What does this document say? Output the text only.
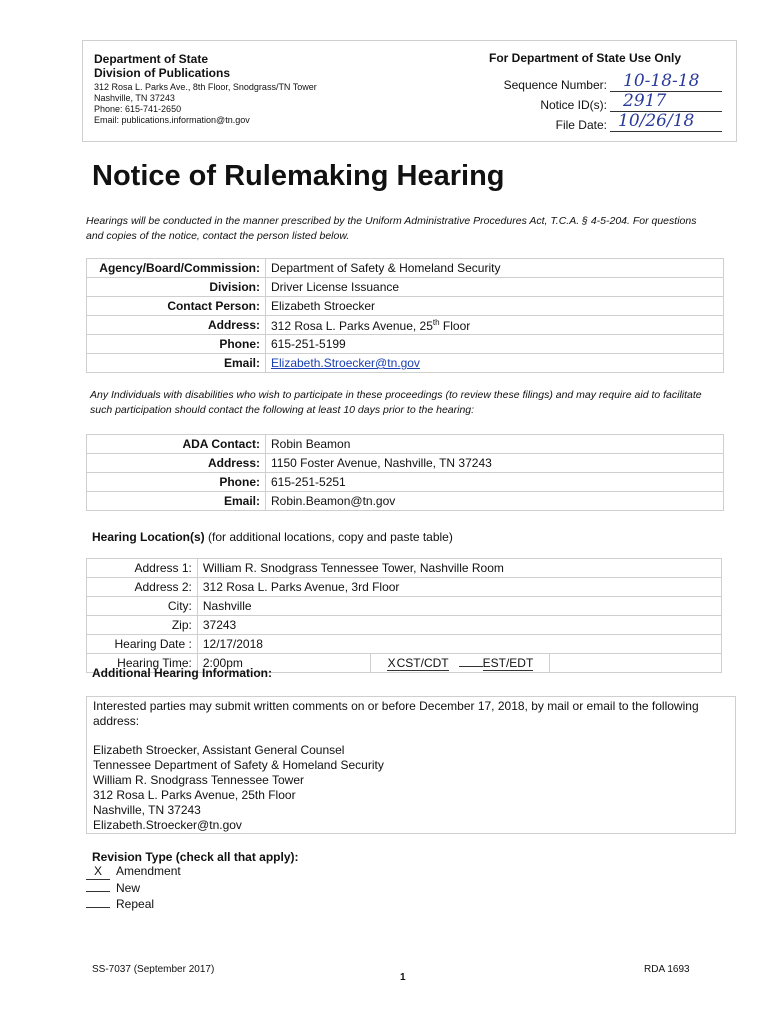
Department of State
Division of Publications
312 Rosa L. Parks Ave., 8th Floor, Snodgrass/TN Tower
Nashville, TN 37243
Phone: 615-741-2650
Email: publications.information@tn.gov
For Department of State Use Only
Sequence Number: 10-18-18
Notice ID(s): 2917
File Date: 10/26/18
Notice of Rulemaking Hearing
Hearings will be conducted in the manner prescribed by the Uniform Administrative Procedures Act, T.C.A. § 4-5-204. For questions and copies of the notice, contact the person listed below.
Agency/Board/Commission:	Department of Safety & Homeland Security
Division:	Driver License Issuance
Contact Person:	Elizabeth Stroecker
Address:	312 Rosa L. Parks Avenue, 25th Floor
Phone:	615-251-5199
Email:	Elizabeth.Stroecker@tn.gov
Any Individuals with disabilities who wish to participate in these proceedings (to review these filings) and may require aid to facilitate such participation should contact the following at least 10 days prior to the hearing:
ADA Contact:	Robin Beamon
Address:	1150 Foster Avenue, Nashville, TN 37243
Phone:	615-251-5251
Email:	Robin.Beamon@tn.gov
Hearing Location(s) (for additional locations, copy and paste table)
Address 1:	William R. Snodgrass Tennessee Tower, Nashville Room		
Address 2:	312 Rosa L. Parks Avenue, 3rd Floor		
City:	Nashville		
Zip:	37243		
Hearing Date :	12/17/2018		
Hearing Time:	2:00pm	XCST/CDT EST/EDT	
Additional Hearing Information:
Interested parties may submit written comments on or before December 17, 2018, by mail or email to the following address:
Elizabeth Stroecker, Assistant General Counsel
Tennessee Department of Safety & Homeland Security
William R. Snodgrass Tennessee Tower
312 Rosa L. Parks Avenue, 25th Floor
Nashville, TN 37243
Elizabeth.Stroecker@tn.gov
Revision Type (check all that apply):
X Amendment
New
Repeal
SS-7037 (September 2017)
1
RDA 1693
